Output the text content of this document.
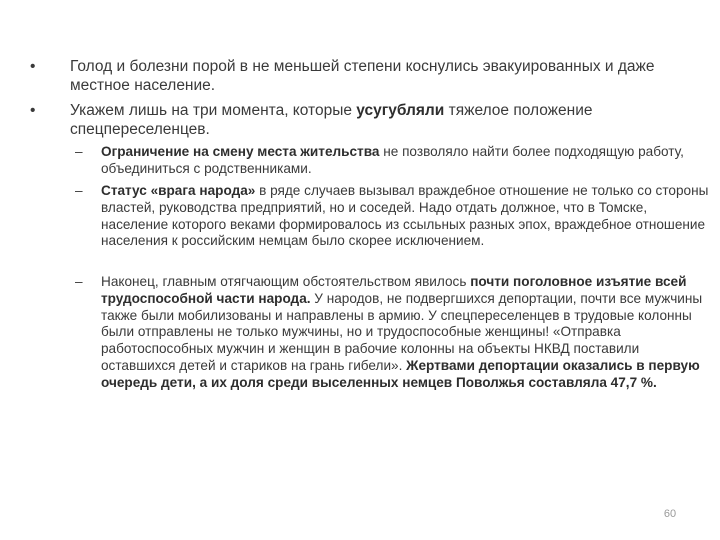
•	Голод и болезни порой в не меньшей степени коснулись эвакуированных и даже местное население.
•	Укажем лишь на три момента, которые усугубляли тяжелое положение спецпереселенцев.
–	Ограничение на смену места жительства не позволяло найти более подходящую работу, объединиться с родственниками.
–	Статус «врага народа» в ряде случаев вызывал враждебное отношение не только со стороны властей, руководства предприятий, но и соседей. Надо отдать должное, что в Томске, население которого веками формировалось из ссыльных разных эпох, враждебное отношение населения к российским немцам было скорее исключением.
–	Наконец, главным отягчающим обстоятельством явилось почти поголовное изъятие всей трудоспособной части народа. У народов, не подвергшихся депортации, почти все мужчины также были мобилизованы и направлены в армию. У спецпереселенцев в трудовые колонны были отправлены не только мужчины, но и трудоспособные женщины! «Отправка работоспособных мужчин и женщин в рабочие колонны на объекты НКВД поставили оставшихся детей и стариков на грань гибели». Жертвами депортации оказались в первую очередь дети, а их доля среди выселенных немцев Поволжья составляла 47,7 %.
60
